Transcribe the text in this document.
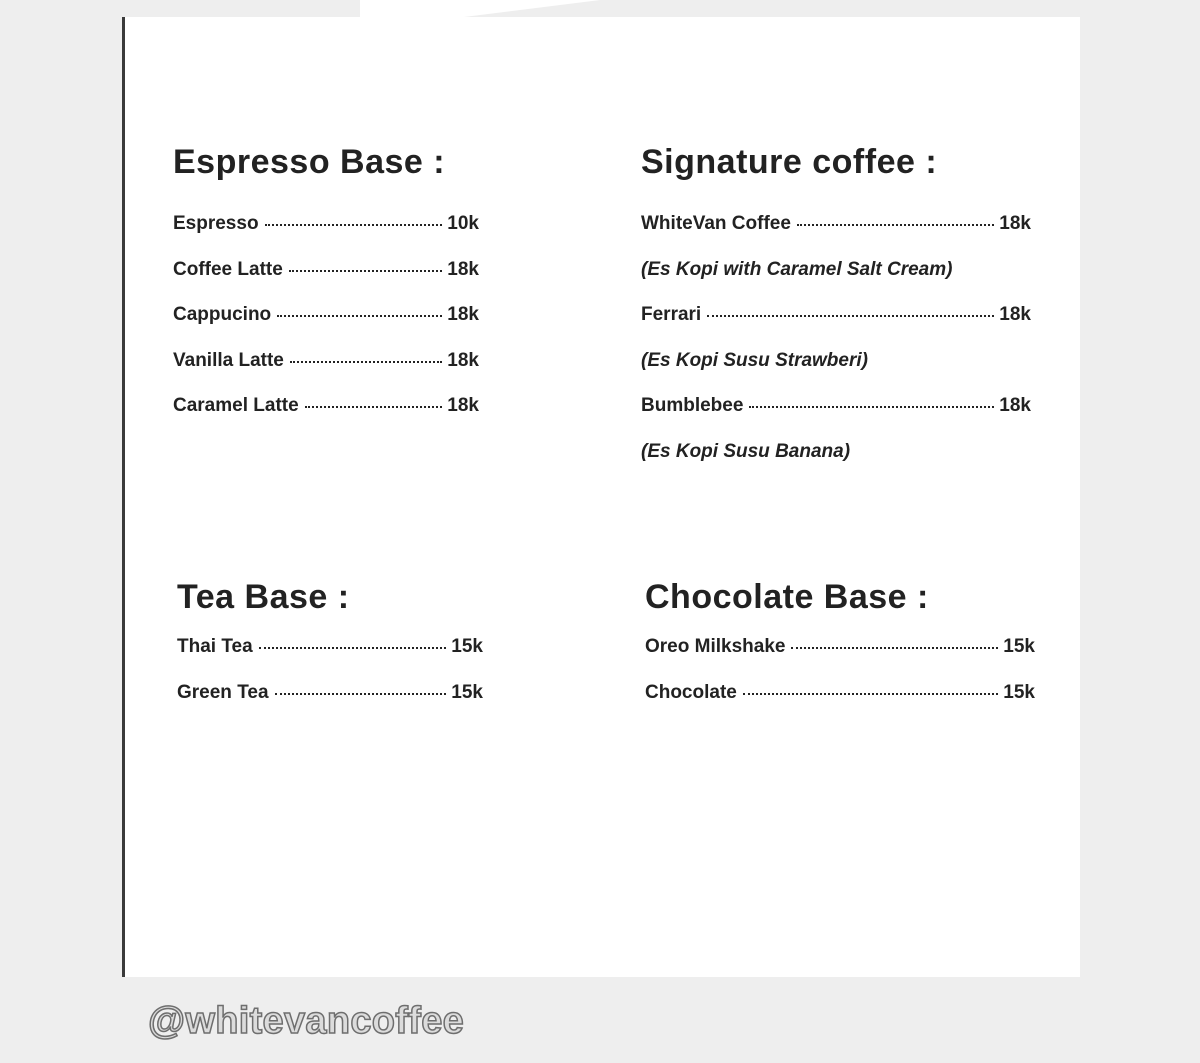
Espresso Base :
Espresso	10k
Coffee Latte	18k
Cappucino	18k
Vanilla Latte	18k
Caramel Latte	18k
Signature coffee :
WhiteVan Coffee	18k
(Es Kopi with Caramel Salt Cream)
Ferrari	18k
(Es Kopi Susu Strawberi)
Bumblebee	18k
(Es Kopi Susu Banana)
Tea Base :
Thai Tea	15k
Green Tea	15k
Chocolate Base :
Oreo Milkshake	15k
Chocolate	15k
@whitevancoffee
